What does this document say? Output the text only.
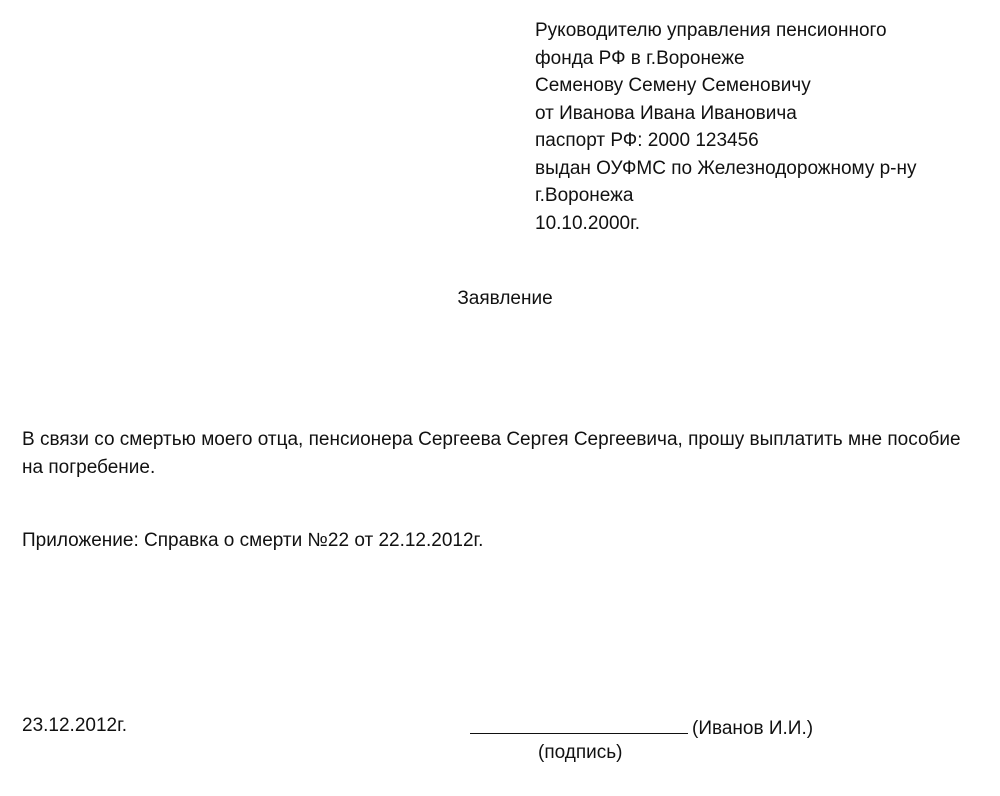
Руководителю управления пенсионного
фонда РФ в г.Воронеже
Семенову Семену Семеновичу
от Иванова Ивана Ивановича
паспорт РФ: 2000 123456
выдан ОУФМС по Железнодорожному р-ну
г.Воронежа
10.10.2000г.
Заявление
В связи со смертью моего отца, пенсионера Сергеева Сергея Сергеевича, прошу выплатить мне пособие на погребение.
Приложение: Справка о смерти №22 от 22.12.2012г.
23.12.2012г.	(Иванов И.И.)
(подпись)
